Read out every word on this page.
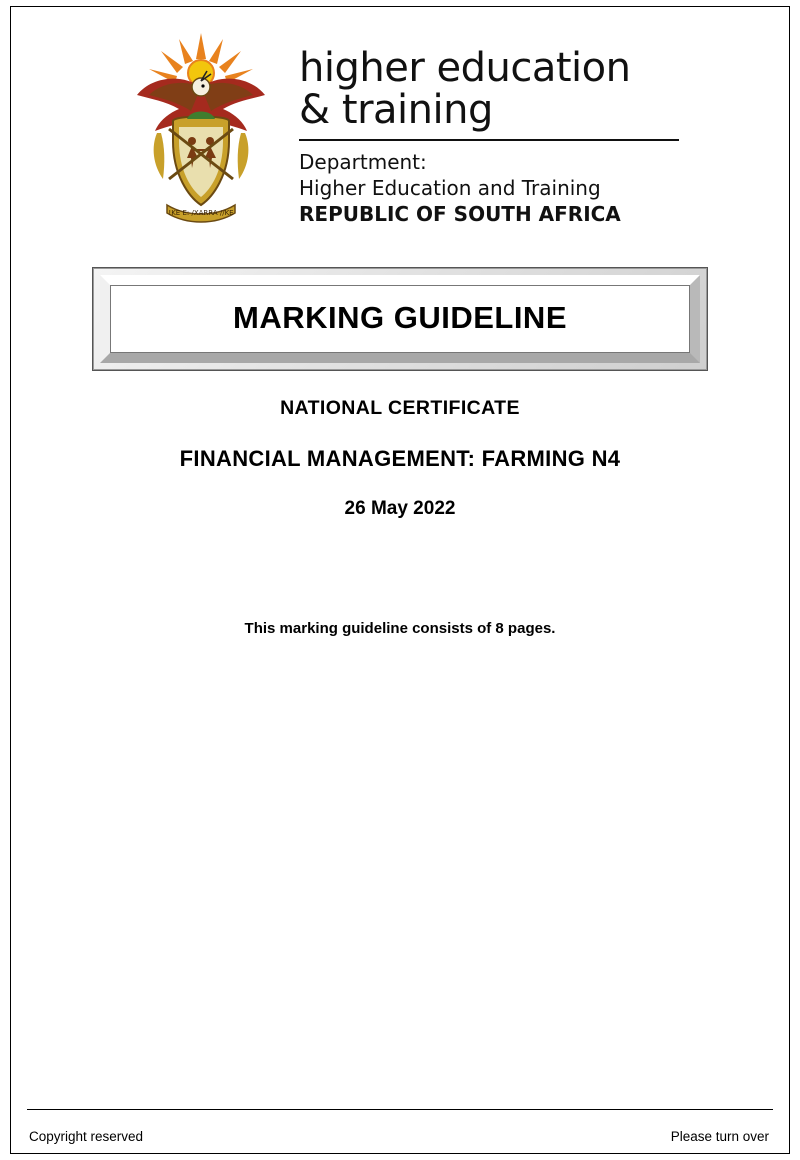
!KE E: /XARRA //KE
higher education
& training
Department:
Higher Education and Training
REPUBLIC OF SOUTH AFRICA
MARKING GUIDELINE
NATIONAL CERTIFICATE
FINANCIAL MANAGEMENT: FARMING N4
26 May 2022
This marking guideline consists of 8 pages.
Copyright reserved	Please turn over
